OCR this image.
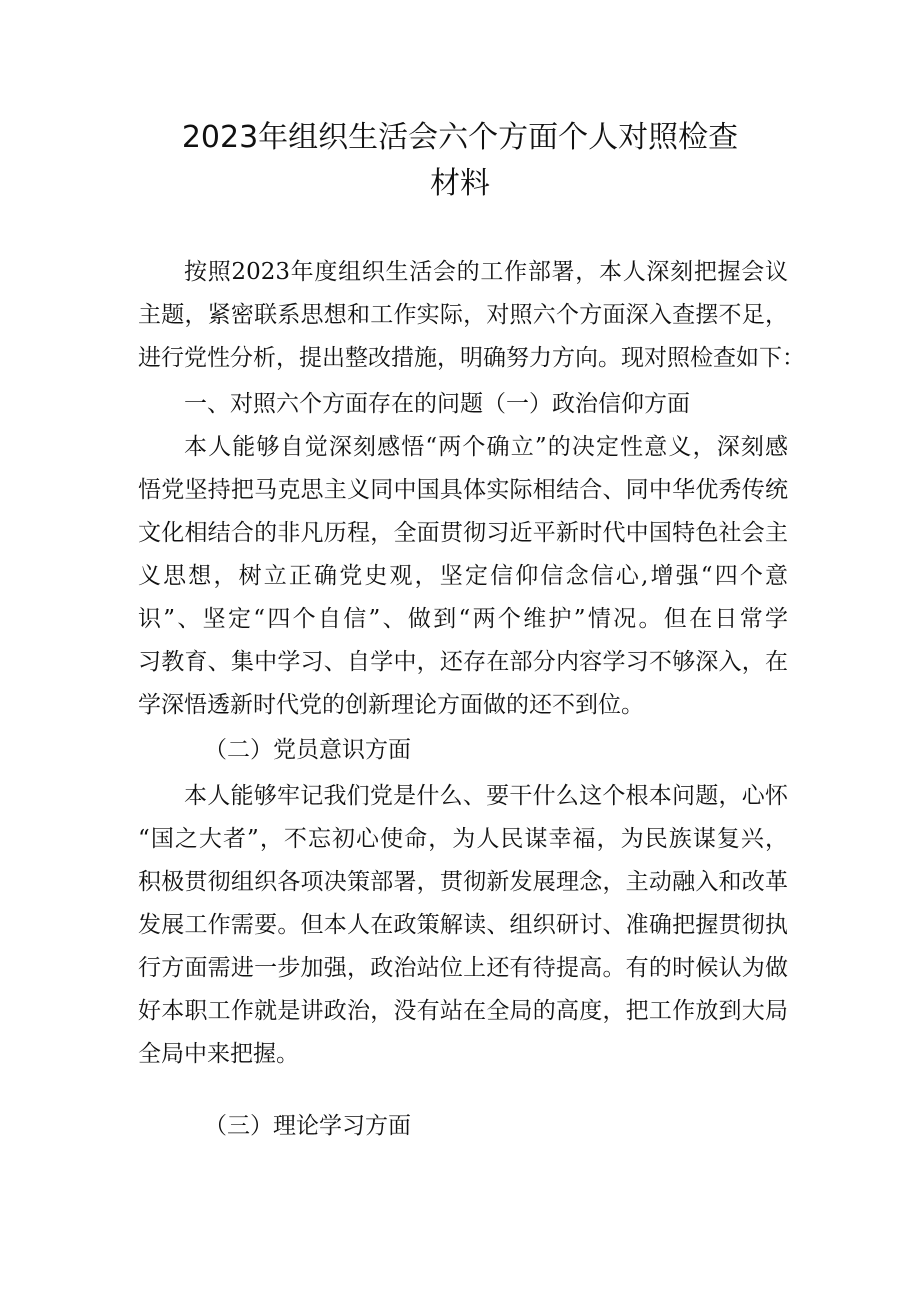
2023年组织生活会六个方面个人对照检查
材料
按照2023年度组织生活会的工作部署，本人深刻把握会议
主题，紧密联系思想和工作实际，对照六个方面深入查摆不足，
进行党性分析，提出整改措施，明确努力方向。现对照检查如下：
一、对照六个方面存在的问题（一）政治信仰方面
本人能够自觉深刻感悟“两个确立”的决定性意义，深刻感
悟党坚持把马克思主义同中国具体实际相结合、同中华优秀传统
文化相结合的非凡历程，全面贯彻习近平新时代中国特色社会主
义思想，树立正确党史观，坚定信仰信念信心,增强“四个意
识”、坚定“四个自信”、做到“两个维护”情况。但在日常学
习教育、集中学习、自学中，还存在部分内容学习不够深入，在
学深悟透新时代党的创新理论方面做的还不到位。
（二）党员意识方面
本人能够牢记我们党是什么、要干什么这个根本问题，心怀
“国之大者”，不忘初心使命，为人民谋幸福，为民族谋复兴，
积极贯彻组织各项决策部署，贯彻新发展理念，主动融入和改革
发展工作需要。但本人在政策解读、组织研讨、准确把握贯彻执
行方面需进一步加强，政治站位上还有待提高。有的时候认为做
好本职工作就是讲政治，没有站在全局的高度，把工作放到大局
全局中来把握。
（三）理论学习方面
